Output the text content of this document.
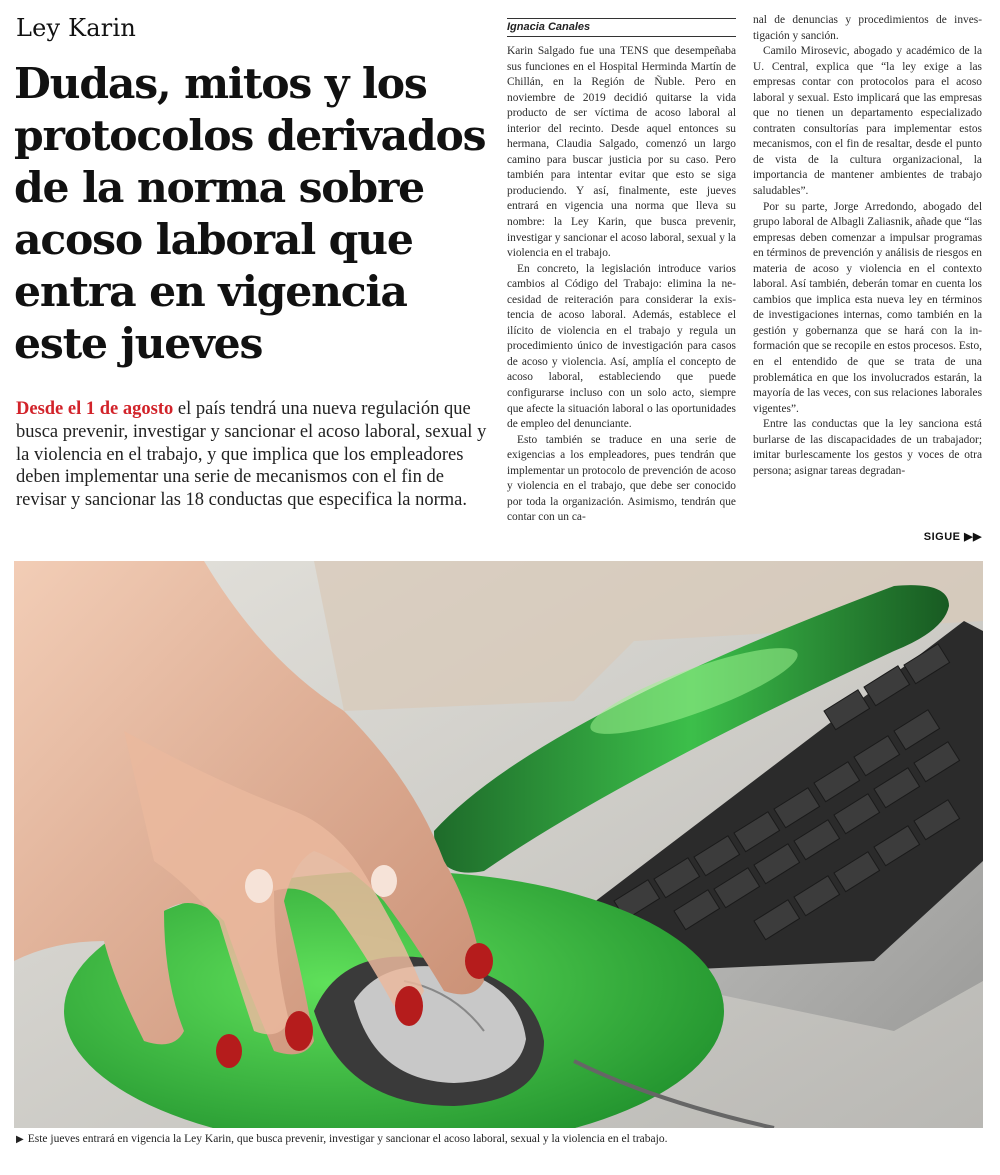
Ley Karin
Dudas, mitos y los protocolos derivados de la norma sobre acoso laboral que entra en vigencia este jueves

Desde el 1 de agosto el país tendrá una nueva regulación que busca prevenir, investigar y sancionar el acoso laboral, sexual y la violencia en el trabajo, y que implica que los empleadores deben implementar una serie de mecanismos con el fin de revisar y sancionar las 18 conductas que especifica la norma.

Ignacia Canales

Karin Salgado fue una TENS que desempeñaba sus funciones en el Hospital Herminda Martín de Chillán, en la Región de Ñuble. Pero en noviembre de 2019 decidió quitarse la vida producto de ser víctima de acoso laboral al interior del recinto. Desde aquel entonces su hermana, Claudia Salgado, comenzó un largo camino para buscar justicia por su caso. Pero también para intentar evitar que esto se siga produciendo. Y así, finalmente, este jueves entrará en vigencia una norma que lleva su nombre: la Ley Karin, que busca prevenir, investigar y sancionar el acoso laboral, sexual y la violencia en el trabajo.

En concreto, la legislación introduce varios cambios al Código del Trabajo: elimina la necesidad de reiteración para considerar la existencia de acoso laboral. Además, establece el ilícito de violencia en el trabajo y regula un procedimiento único de investigación para casos de acoso y violencia. Así, amplía el concepto de acoso laboral, estableciendo que puede configurarse incluso con un solo acto, siempre que afecte la situación laboral o las oportunidades de empleo del denunciante.

Esto también se traduce en una serie de exigencias a los empleadores, pues tendrán que implementar un protocolo de prevención de acoso y violencia en el trabajo, que debe ser conocido por toda la organización. Asimismo, tendrán que contar con un ca-

nal de denuncias y procedimientos de investigación y sanción.

Camilo Mirosevic, abogado y académico de la U. Central, explica que “la ley exige a las empresas contar con protocolos para el acoso laboral y sexual. Esto implicará que las empresas que no tienen un departamento especializado contraten consultorías para implementar estos mecanismos, con el fin de resaltar, desde el punto de vista de la cultura organizacional, la importancia de mantener ambientes de trabajo saludables”.

Por su parte, Jorge Arredondo, abogado del grupo laboral de Albagli Zaliasnik, añade que “las empresas deben comenzar a impulsar programas en términos de prevención y análisis de riesgos en materia de acoso y violencia en el contexto laboral. Así también, deberán tomar en cuenta los cambios que implica esta nueva ley en términos de investigaciones internas, como también en la gestión y gobernanza que se hará con la información que se recopile en estos procesos. Esto, en el entendido de que se trata de una problemática en que los involucrados estarán, la mayoría de las veces, con sus relaciones laborales vigentes”.

Entre las conductas que la ley sanciona está burlarse de las discapacidades de un trabajador; imitar burlescamente los gestos y voces de otra persona; asignar tareas degradan-

SIGUE ▶▶
▶ Este jueves entrará en vigencia la Ley Karin, que busca prevenir, investigar y sancionar el acoso laboral, sexual y la violencia en el trabajo.
